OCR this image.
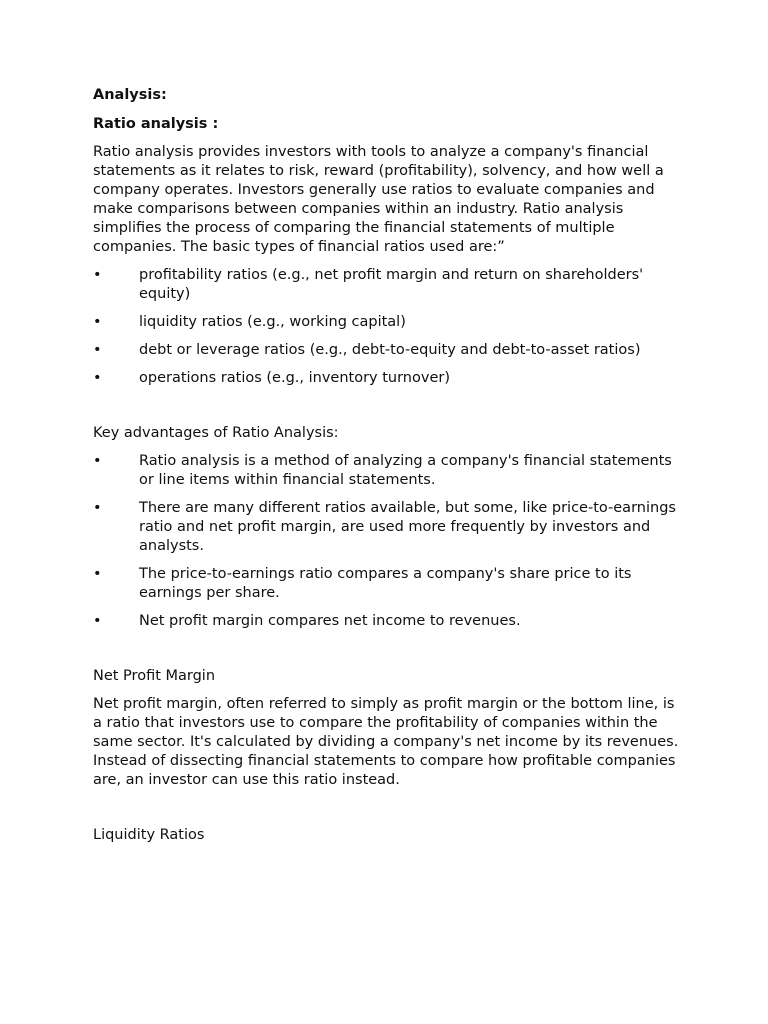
Analysis:

Ratio analysis :

Ratio analysis provides investors with tools to analyze a company's financial statements as it relates to risk, reward (profitability), solvency, and how well a company operates. Investors generally use ratios to evaluate companies and make comparisons between companies within an industry. Ratio analysis simplifies the process of comparing the financial statements of multiple companies. The basic types of financial ratios used are:”

•	profitability ratios (e.g., net profit margin and return on shareholders' equity)
•	liquidity ratios (e.g., working capital)
•	debt or leverage ratios (e.g., debt-to-equity and debt-to-asset ratios)
•	operations ratios (e.g., inventory turnover)

Key advantages of Ratio Analysis:

•	Ratio analysis is a method of analyzing a company's financial statements or line items within financial statements.
•	There are many different ratios available, but some, like price-to-earnings ratio and net profit margin, are used more frequently by investors and analysts.
•	The price-to-earnings ratio compares a company's share price to its earnings per share.
•	Net profit margin compares net income to revenues.

Net Profit Margin

Net profit margin, often referred to simply as profit margin or the bottom line, is a ratio that investors use to compare the profitability of companies within the same sector. It's calculated by dividing a company's net income by its revenues. Instead of dissecting financial statements to compare how profitable companies are, an investor can use this ratio instead.

Liquidity Ratios
